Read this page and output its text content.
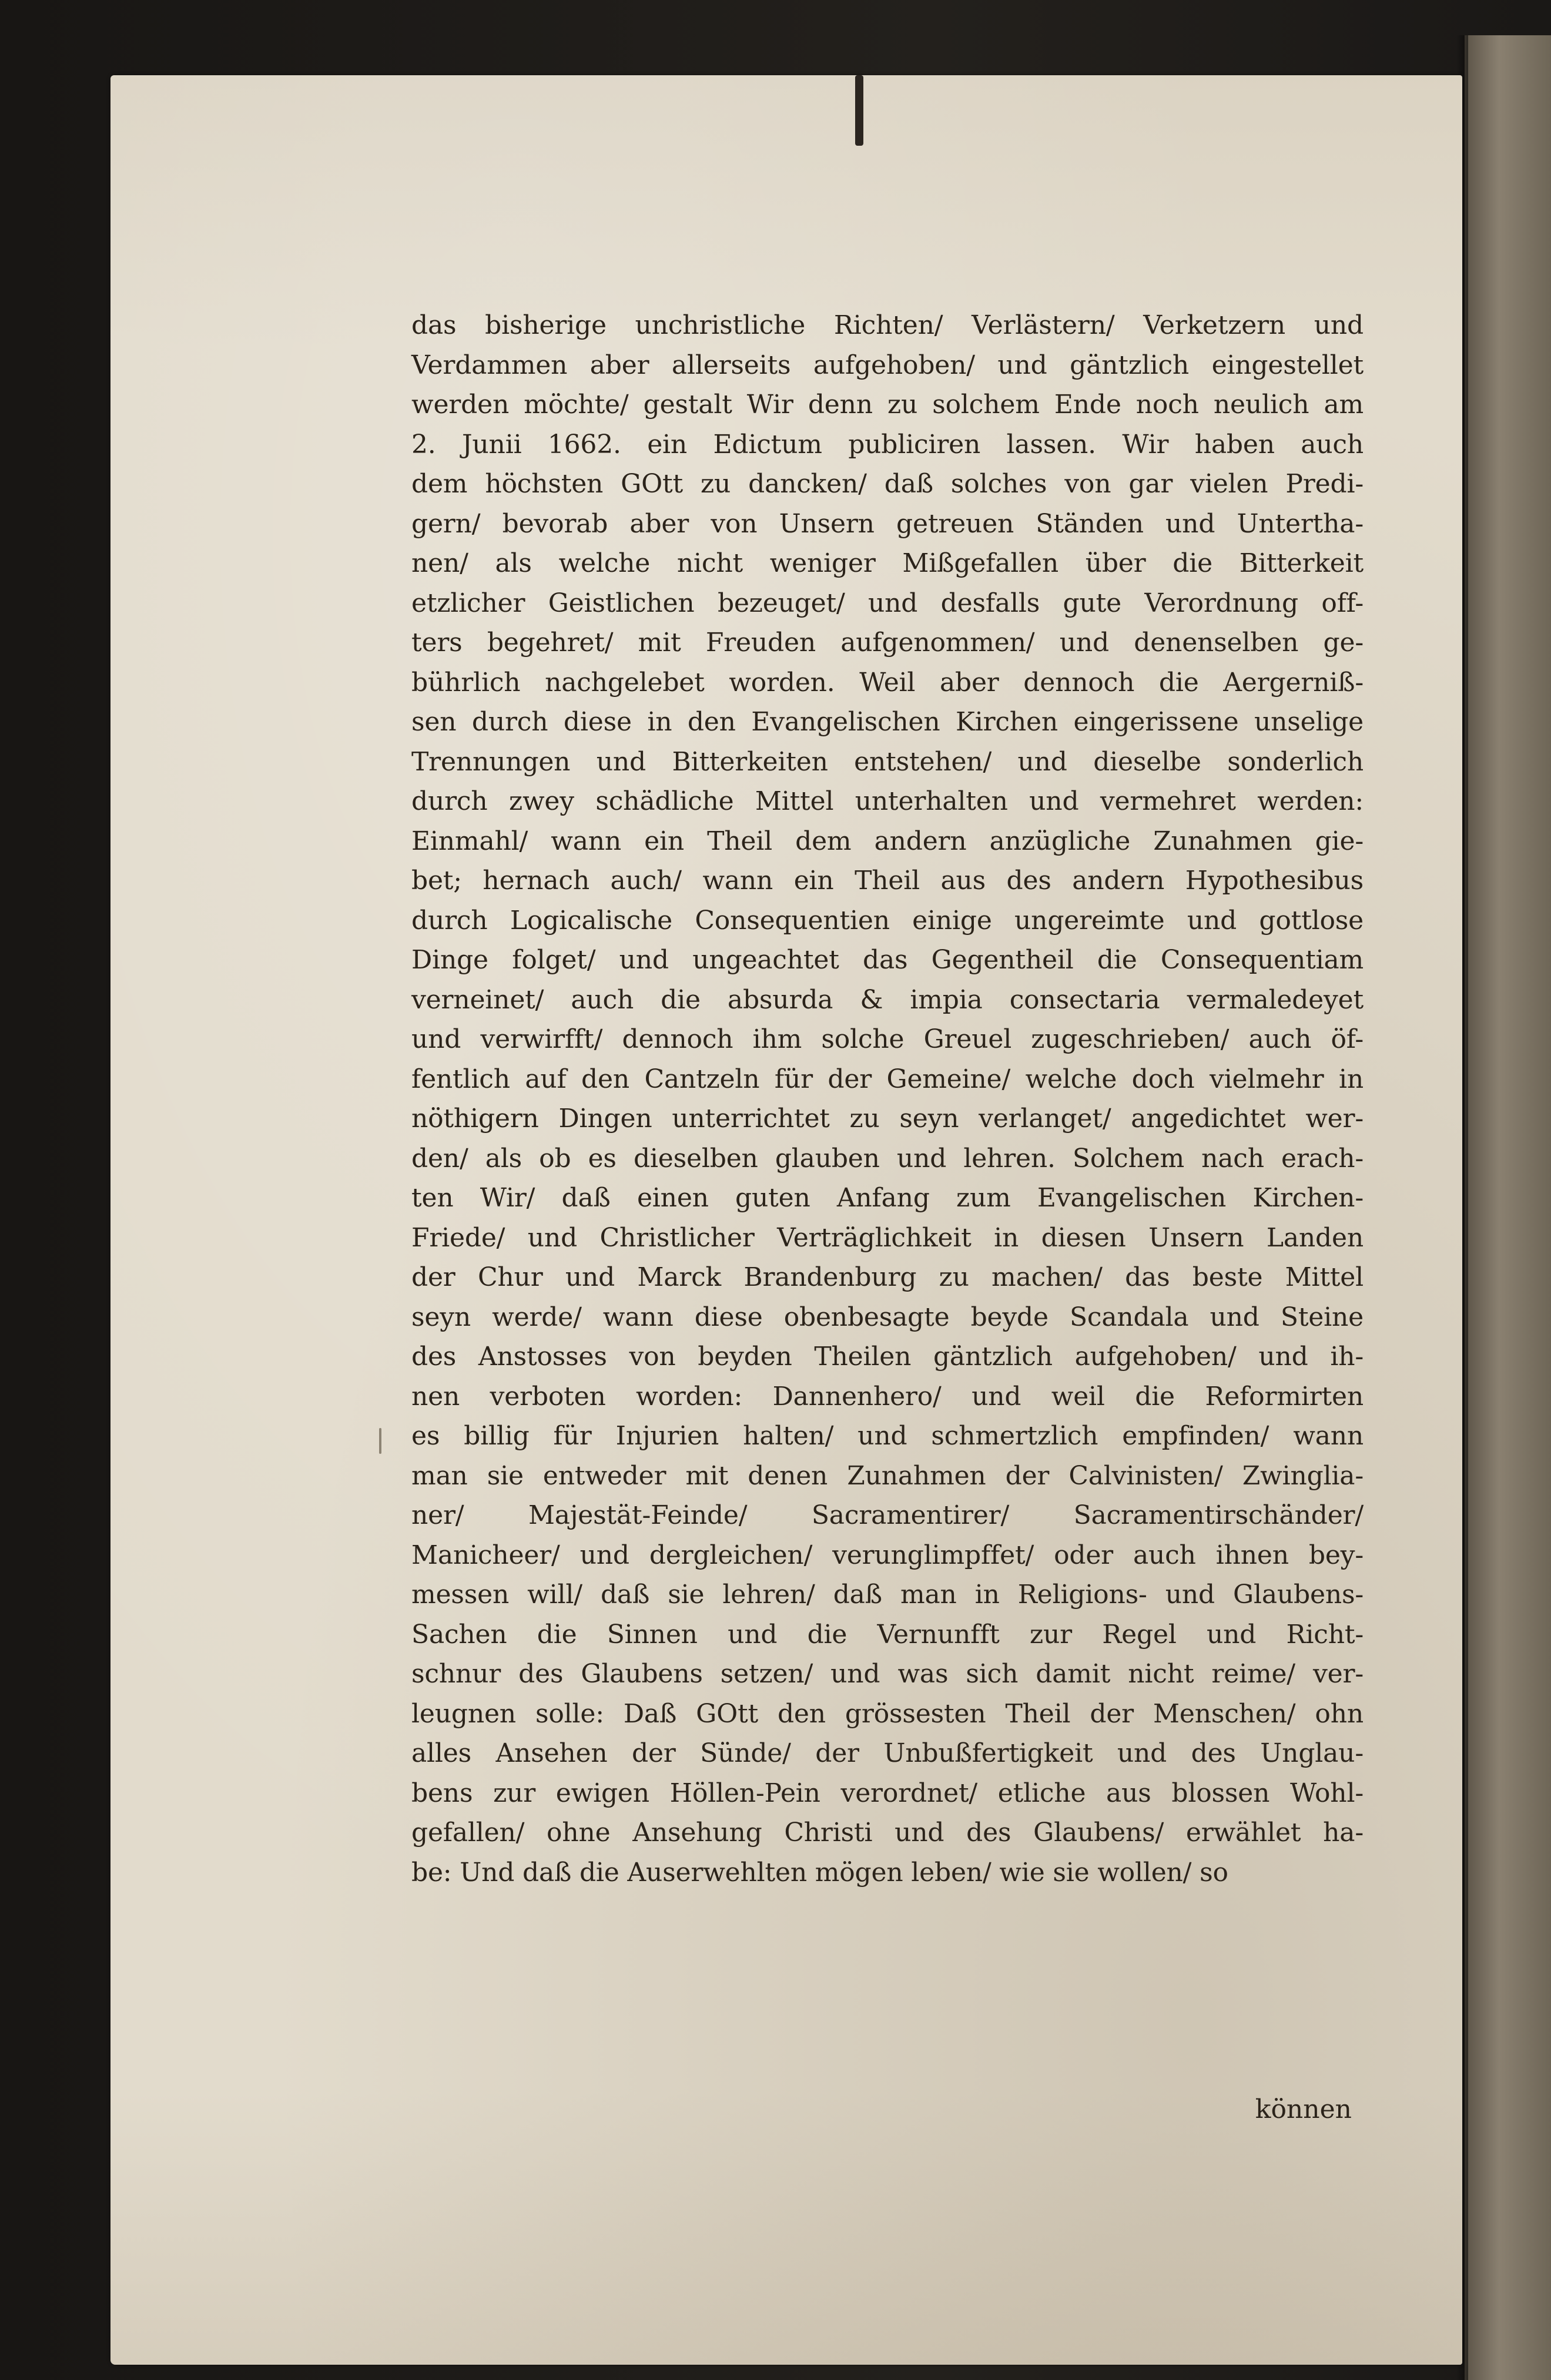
das bisherige unchristliche Richten/ Verlästern/ Verketzern und
Verdammen aber allerseits aufgehoben/ und gäntzlich eingestellet
werden möchte/ gestalt Wir denn zu solchem Ende noch neulich am
2. Junii 1662. ein Edictum publiciren lassen. Wir haben auch
dem höchsten GOtt zu dancken/ daß solches von gar vielen Predi-
gern/ bevorab aber von Unsern getreuen Ständen und Untertha-
nen/ als welche nicht weniger Mißgefallen über die Bitterkeit
etzlicher Geistlichen bezeuget/ und desfalls gute Verordnung off-
ters begehret/ mit Freuden aufgenommen/ und denenselben ge-
bührlich nachgelebet worden. Weil aber dennoch die Aergerniß-
sen durch diese in den Evangelischen Kirchen eingerissene unselige
Trennungen und Bitterkeiten entstehen/ und dieselbe sonderlich
durch zwey schädliche Mittel unterhalten und vermehret werden:
Einmahl/ wann ein Theil dem andern anzügliche Zunahmen gie-
bet; hernach auch/ wann ein Theil aus des andern Hypothesibus
durch Logicalische Consequentien einige ungereimte und gottlose
Dinge folget/ und ungeachtet das Gegentheil die Consequentiam
verneinet/ auch die absurda & impia consectaria vermaledeyet
und verwirfft/ dennoch ihm solche Greuel zugeschrieben/ auch öf-
fentlich auf den Cantzeln für der Gemeine/ welche doch vielmehr in
nöthigern Dingen unterrichtet zu seyn verlanget/ angedichtet wer-
den/ als ob es dieselben glauben und lehren. Solchem nach erach-
ten Wir/ daß einen guten Anfang zum Evangelischen Kirchen-
Friede/ und Christlicher Verträglichkeit in diesen Unsern Landen
der Chur und Marck Brandenburg zu machen/ das beste Mittel
seyn werde/ wann diese obenbesagte beyde Scandala und Steine
des Anstosses von beyden Theilen gäntzlich aufgehoben/ und ih-
nen verboten worden: Dannenhero/ und weil die Reformirten
es billig für Injurien halten/ und schmertzlich empfinden/ wann
man sie entweder mit denen Zunahmen der Calvinisten/ Zwinglia-
ner/ Majestät-Feinde/ Sacramentirer/ Sacramentirschänder/
Manicheer/ und dergleichen/ verunglimpffet/ oder auch ihnen bey-
messen will/ daß sie lehren/ daß man in Religions- und Glaubens-
Sachen die Sinnen und die Vernunfft zur Regel und Richt-
schnur des Glaubens setzen/ und was sich damit nicht reime/ ver-
leugnen solle: Daß GOtt den grössesten Theil der Menschen/ ohn
alles Ansehen der Sünde/ der Unbußfertigkeit und des Unglau-
bens zur ewigen Höllen-Pein verordnet/ etliche aus blossen Wohl-
gefallen/ ohne Ansehung Christi und des Glaubens/ erwählet ha-
be: Und daß die Auserwehlten mögen leben/ wie sie wollen/ so
können
